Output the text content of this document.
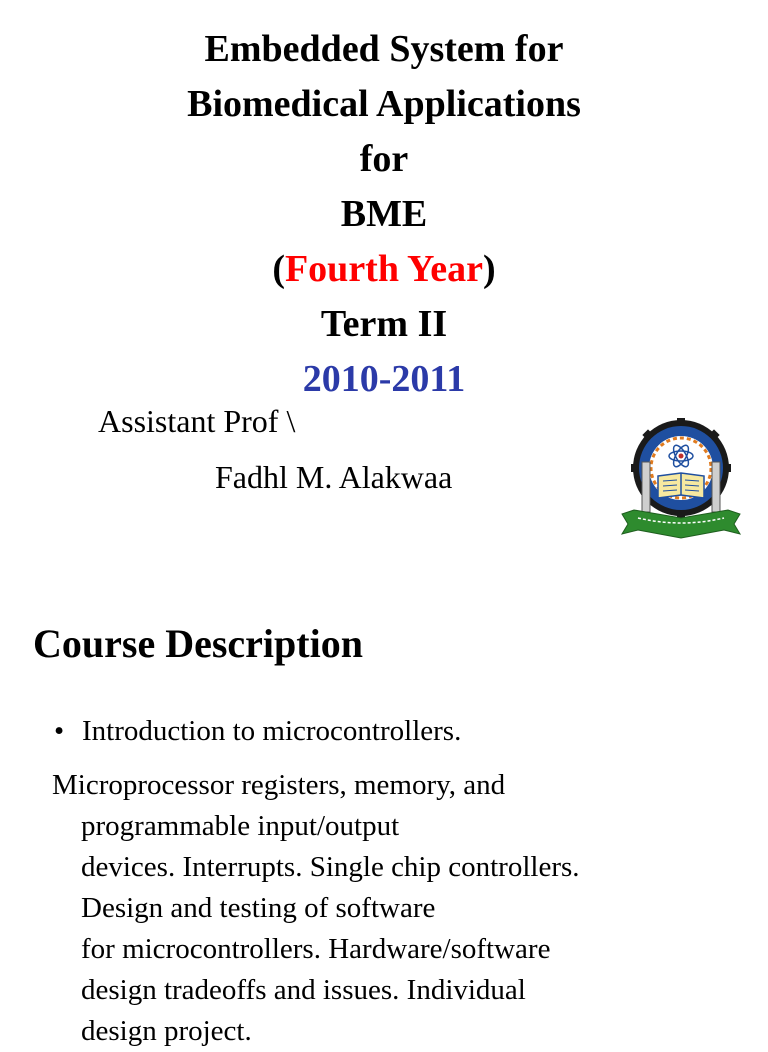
Embedded System for
Biomedical Applications
for
BME
(Fourth Year)
Term II
2010-2011
Assistant Prof \
Fadhl M. Alakwaa
Course Description
• Introduction to microcontrollers.
Microprocessor registers, memory, and
programmable input/output
devices. Interrupts. Single chip controllers.
Design and testing of software
for microcontrollers. Hardware/software
design tradeoffs and issues. Individual
design project.
